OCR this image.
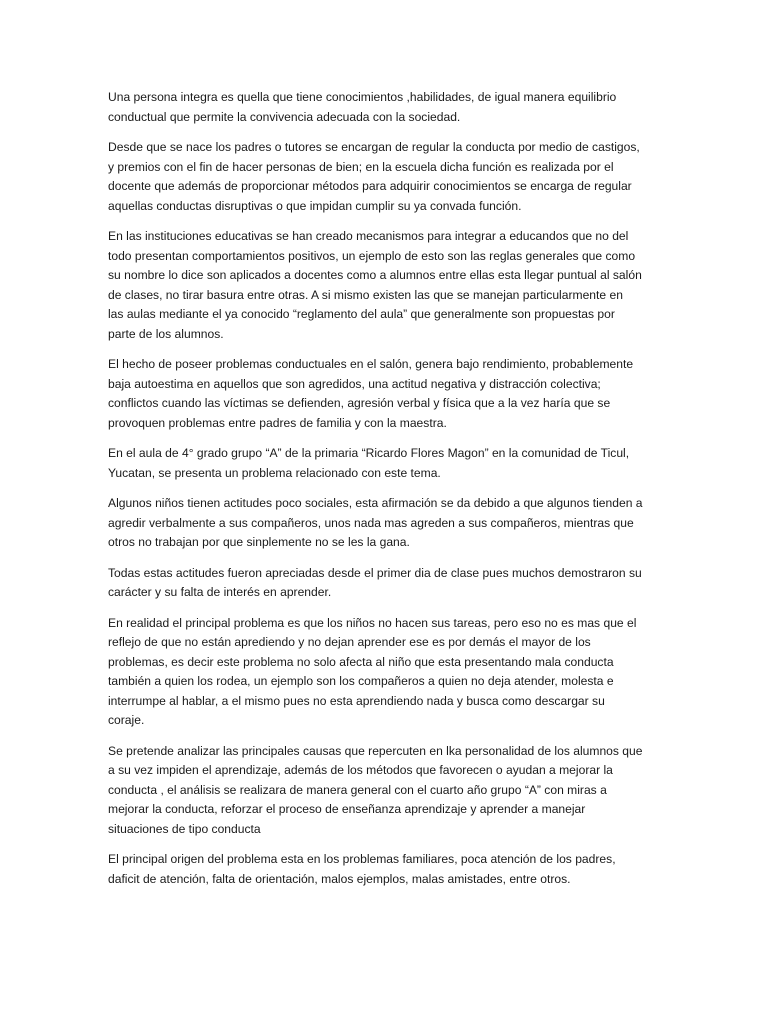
Una persona integra es quella que tiene conocimientos ,habilidades, de igual manera equilibrio
conductual que permite la convivencia adecuada con la sociedad.

Desde que se nace los padres o tutores se encargan de regular la conducta por medio de castigos,
y premios con el fin de hacer personas de bien; en la escuela dicha función es realizada por el
docente que además de proporcionar métodos para adquirir conocimientos se encarga de regular
aquellas conductas disruptivas o que impidan cumplir su ya convada función.

En las instituciones educativas se han creado mecanismos para integrar a educandos que no del
todo presentan comportamientos positivos, un ejemplo de esto son las reglas generales que como
su nombre lo dice son aplicados a docentes como a alumnos entre ellas esta llegar puntual al salón
de clases, no tirar basura entre otras. A si mismo existen las que se manejan particularmente en
las aulas mediante el ya conocido “reglamento del aula” que generalmente son propuestas por
parte de los alumnos.

El hecho de poseer problemas conductuales en el salón, genera bajo rendimiento, probablemente
baja autoestima en aquellos que son agredidos, una actitud negativa y distracción colectiva;
conflictos cuando las víctimas se defienden, agresión verbal y física que a la vez haría que se
provoquen problemas entre padres de familia y con la maestra.

En el aula de 4° grado grupo “A” de la primaria “Ricardo Flores Magon” en la comunidad de Ticul,
Yucatan, se presenta un problema relacionado con este tema.

Algunos niños tienen actitudes poco sociales, esta afirmación se da debido a que algunos tienden a
agredir verbalmente a sus compañeros, unos nada mas agreden a sus compañeros, mientras que
otros no trabajan por que sinplemente no se les la gana.

Todas estas actitudes fueron apreciadas desde el primer dia de clase pues muchos demostraron su
carácter y su falta de interés en aprender.

En realidad el principal problema es que los niños no hacen sus tareas, pero eso no es mas que el
reflejo de que no están aprediendo y no dejan aprender ese es por demás el mayor de los
problemas, es decir este problema no solo afecta al niño que esta presentando mala conducta
también a quien los rodea, un ejemplo son los compañeros a quien no deja atender, molesta e
interrumpe al hablar, a el mismo pues no esta aprendiendo nada y busca como descargar su
coraje.

Se pretende analizar las principales causas que repercuten en lka personalidad de los alumnos que
a su vez impiden el aprendizaje, además de los métodos que favorecen o ayudan a mejorar la
conducta , el análisis se realizara de manera general con el cuarto año grupo “A” con miras a
mejorar la conducta, reforzar el proceso de enseñanza aprendizaje y aprender a manejar
situaciones de tipo conducta

El principal origen del problema esta en los problemas familiares, poca atención de los padres,
daficit de atención, falta de orientación, malos ejemplos, malas amistades, entre otros.
